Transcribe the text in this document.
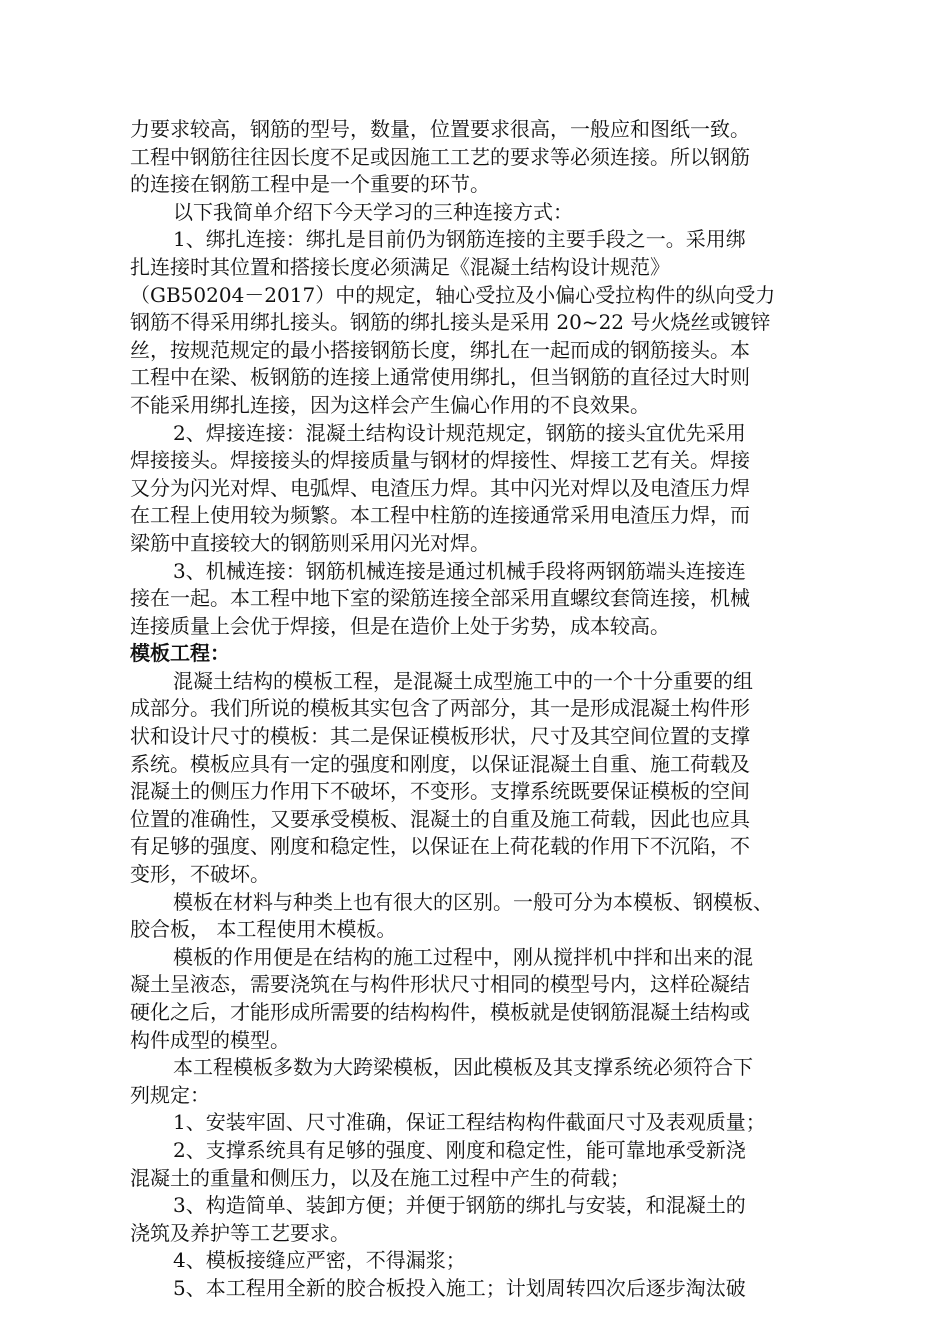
力要求较高，钢筋的型号，数量，位置要求很高，一般应和图纸一致。
工程中钢筋往往因长度不足或因施工工艺的要求等必须连接。所以钢筋
的连接在钢筋工程中是一个重要的环节。
以下我简单介绍下今天学习的三种连接方式：
1、绑扎连接：绑扎是目前仍为钢筋连接的主要手段之一。采用绑
扎连接时其位置和搭接长度必须满足《混凝土结构设计规范》
（GB50204－2017）中的规定，轴心受拉及小偏心受拉构件的纵向受力
钢筋不得采用绑扎接头。钢筋的绑扎接头是采用 20~22 号火烧丝或镀锌
丝，按规范规定的最小搭接钢筋长度，绑扎在一起而成的钢筋接头。本
工程中在梁、板钢筋的连接上通常使用绑扎，但当钢筋的直径过大时则
不能采用绑扎连接，因为这样会产生偏心作用的不良效果。
2、焊接连接：混凝土结构设计规范规定，钢筋的接头宜优先采用
焊接接头。焊接接头的焊接质量与钢材的焊接性、焊接工艺有关。焊接
又分为闪光对焊、电弧焊、电渣压力焊。其中闪光对焊以及电渣压力焊
在工程上使用较为频繁。本工程中柱筋的连接通常采用电渣压力焊，而
梁筋中直接较大的钢筋则采用闪光对焊。
3、机械连接：钢筋机械连接是通过机械手段将两钢筋端头连接连
接在一起。本工程中地下室的梁筋连接全部采用直螺纹套筒连接，机械
连接质量上会优于焊接，但是在造价上处于劣势，成本较高。
模板工程：
混凝土结构的模板工程，是混凝土成型施工中的一个十分重要的组
成部分。我们所说的模板其实包含了两部分，其一是形成混凝土构件形
状和设计尺寸的模板：其二是保证模板形状，尺寸及其空间位置的支撑
系统。模板应具有一定的强度和刚度，以保证混凝土自重、施工荷载及
混凝土的侧压力作用下不破坏，不变形。支撑系统既要保证模板的空间
位置的准确性，又要承受模板、混凝土的自重及施工荷载，因此也应具
有足够的强度、刚度和稳定性，以保证在上荷花载的作用下不沉陷，不
变形，不破坏。
模板在材料与种类上也有很大的区别。一般可分为本模板、钢模板、
胶合板， 本工程使用木模板。
模板的作用便是在结构的施工过程中，刚从搅拌机中拌和出来的混
凝土呈液态，需要浇筑在与构件形状尺寸相同的模型号内，这样砼凝结
硬化之后，才能形成所需要的结构构件，模板就是使钢筋混凝土结构或
构件成型的模型。
本工程模板多数为大跨梁模板，因此模板及其支撑系统必须符合下
列规定：
1、安装牢固、尺寸准确，保证工程结构构件截面尺寸及表观质量；
2、支撑系统具有足够的强度、刚度和稳定性，能可靠地承受新浇
混凝土的重量和侧压力，以及在施工过程中产生的荷载；
3、构造简单、装卸方便；并便于钢筋的绑扎与安装，和混凝土的
浇筑及养护等工艺要求。
4、模板接缝应严密，不得漏浆；
5、本工程用全新的胶合板投入施工；计划周转四次后逐步淘汰破
